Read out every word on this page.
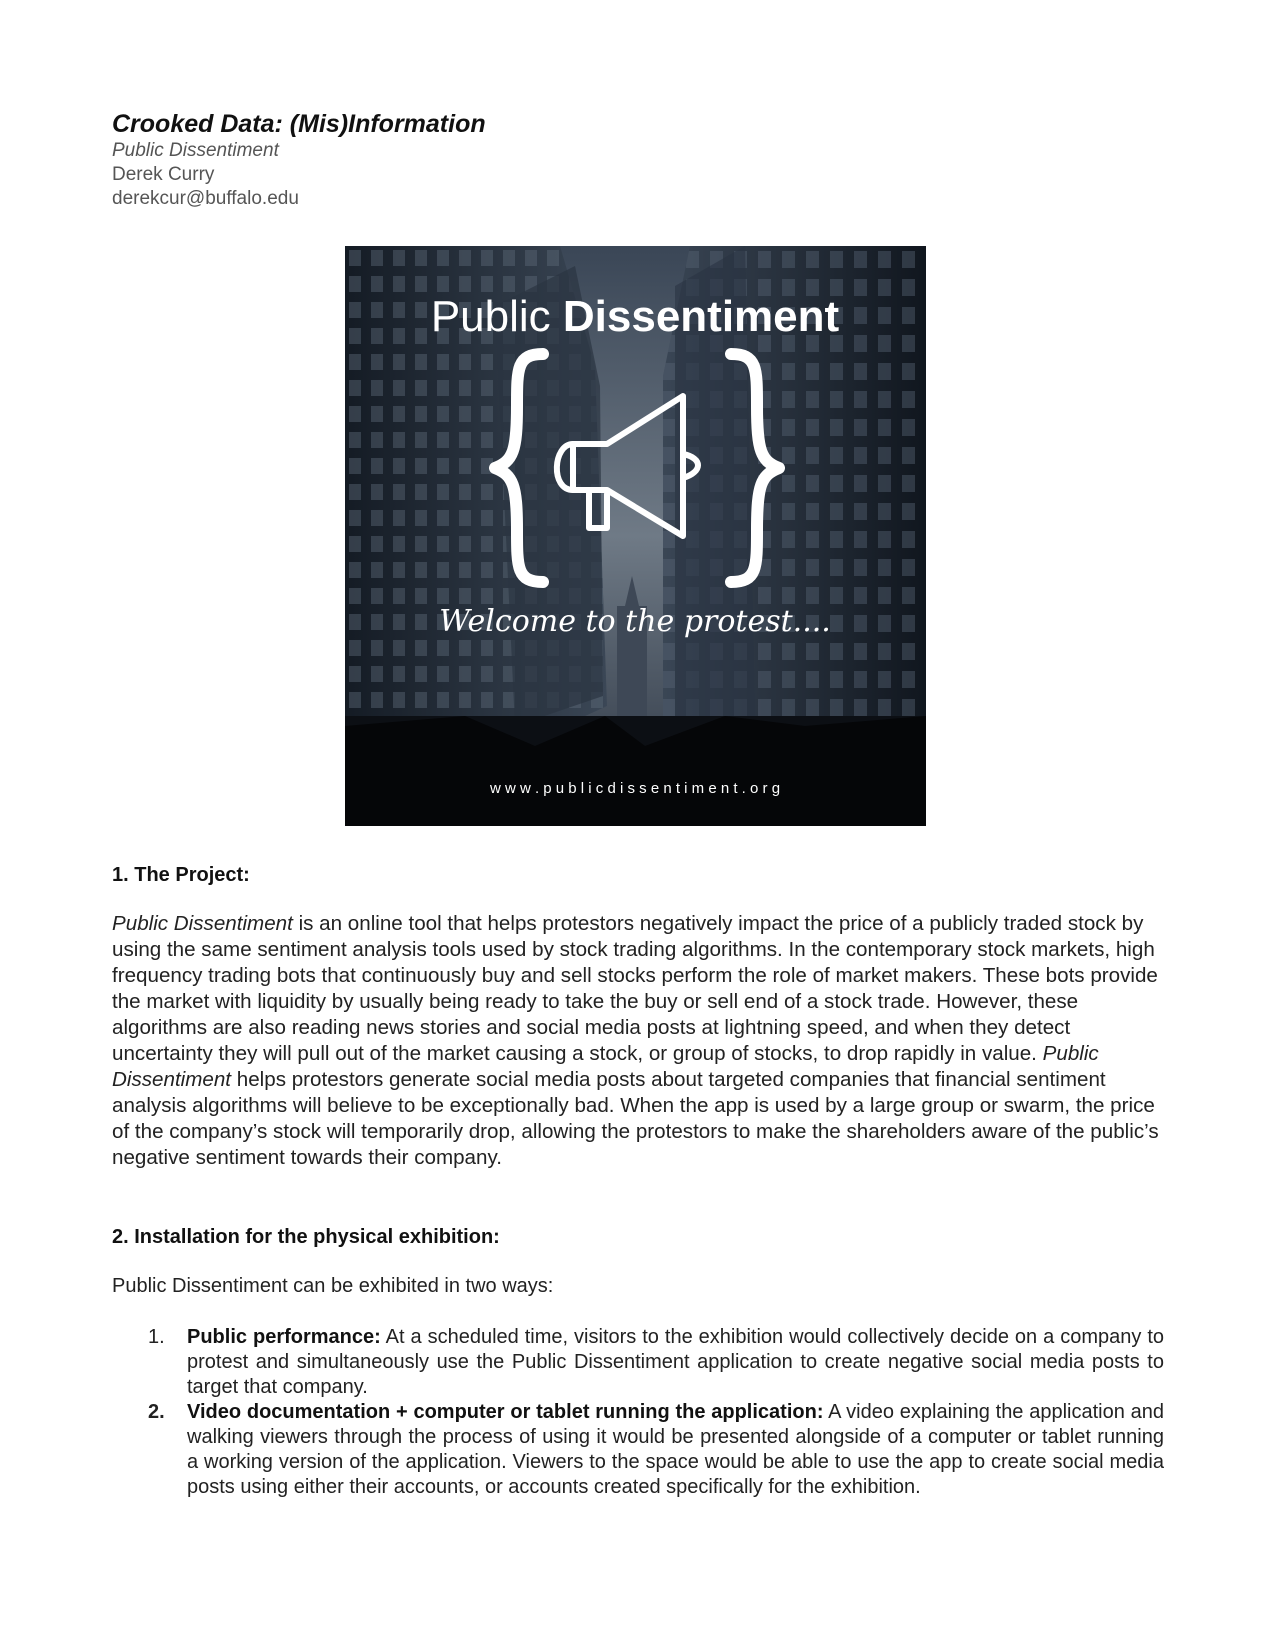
Crooked Data: (Mis)Information
Public Dissentiment
Derek Curry
derekcur@buffalo.edu
Public Dissentiment
Welcome to the protest....
w w w . p u b l i c d i s s e n t i m e n t . o r g
1. The Project:

Public Dissentiment is an online tool that helps protestors negatively impact the price of a publicly traded stock by using the same sentiment analysis tools used by stock trading algorithms. In the contemporary stock markets, high frequency trading bots that continuously buy and sell stocks perform the role of market makers. These bots provide the market with liquidity by usually being ready to take the buy or sell end of a stock trade. However, these algorithms are also reading news stories and social media posts at lightning speed, and when they detect uncertainty they will pull out of the market causing a stock, or group of stocks, to drop rapidly in value. Public Dissentiment helps protestors generate social media posts about targeted companies that financial sentiment analysis algorithms will believe to be exceptionally bad. When the app is used by a large group or swarm, the price of the company’s stock will temporarily drop, allowing the protestors to make the shareholders aware of the public’s negative sentiment towards their company.

2. Installation for the physical exhibition:

Public Dissentiment can be exhibited in two ways:

1. Public performance: At a scheduled time, visitors to the exhibition would collectively decide on a company to protest and simultaneously use the Public Dissentiment application to create negative social media posts to target that company.
2. Video documentation + computer or tablet running the application: A video explaining the application and walking viewers through the process of using it would be presented alongside of a computer or tablet running a working version of the application. Viewers to the space would be able to use the app to create social media posts using either their accounts, or accounts created specifically for the exhibition.
